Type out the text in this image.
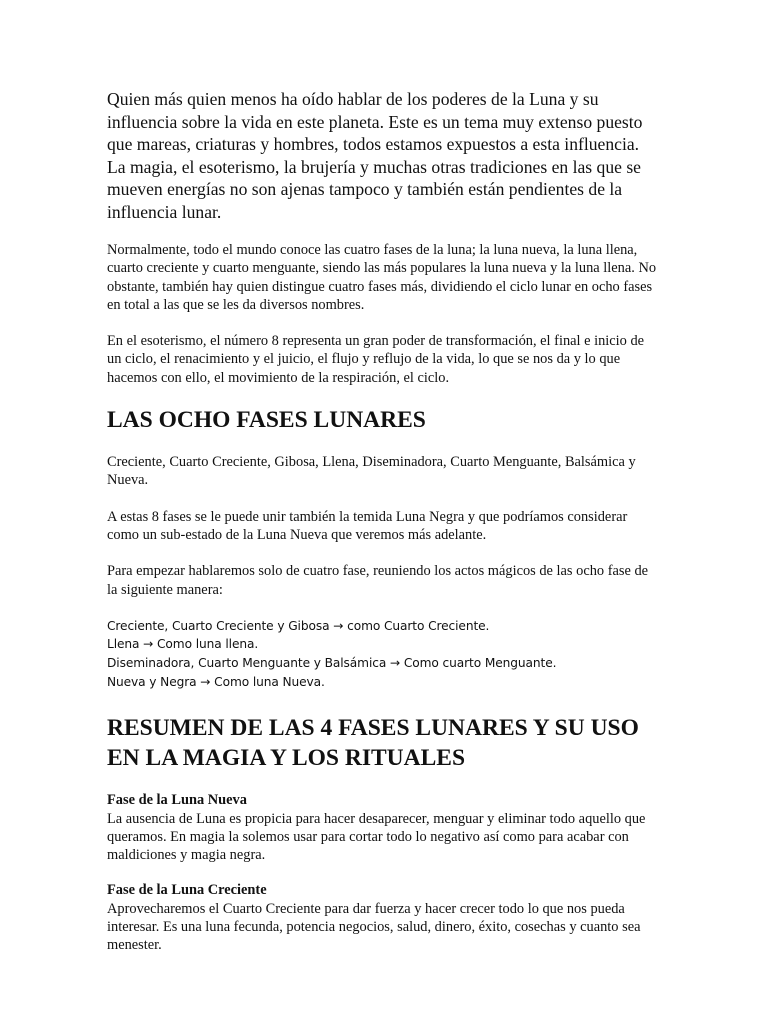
Quien más quien menos ha oído hablar de los poderes de la Luna y su influencia sobre la vida en este planeta. Este es un tema muy extenso puesto que mareas, criaturas y hombres, todos estamos expuestos a esta influencia. La magia, el esoterismo, la brujería y muchas otras tradiciones en las que se mueven energías no son ajenas tampoco y también están pendientes de la influencia lunar.

Normalmente, todo el mundo conoce las cuatro fases de la luna; la luna nueva, la luna llena, cuarto creciente y cuarto menguante, siendo las más populares la luna nueva y la luna llena. No obstante, también hay quien distingue cuatro fases más, dividiendo el ciclo lunar en ocho fases en total a las que se les da diversos nombres.

En el esoterismo, el número 8 representa un gran poder de transformación, el final e inicio de un ciclo, el renacimiento y el juicio, el flujo y reflujo de la vida, lo que se nos da y lo que hacemos con ello, el movimiento de la respiración, el ciclo.

LAS OCHO FASES LUNARES

Creciente, Cuarto Creciente, Gibosa, Llena, Diseminadora, Cuarto Menguante, Balsámica y Nueva.

A estas 8 fases se le puede unir también la temida Luna Negra y que podríamos considerar como un sub-estado de la Luna Nueva que veremos más adelante.

Para empezar hablaremos solo de cuatro fase, reuniendo los actos mágicos de las ocho fase de la siguiente manera:

Creciente, Cuarto Creciente y Gibosa → como Cuarto Creciente.
Llena → Como luna llena.
Diseminadora, Cuarto Menguante y Balsámica → Como cuarto Menguante.
Nueva y Negra → Como luna Nueva.
RESUMEN DE LAS 4 FASES LUNARES Y SU USO EN LA MAGIA Y LOS RITUALES
Fase de la Luna Nueva
La ausencia de Luna es propicia para hacer desaparecer, menguar y eliminar todo aquello que queramos. En magia la solemos usar para cortar todo lo negativo así como para acabar con maldiciones y magia negra.
Fase de la Luna Creciente
Aprovecharemos el Cuarto Creciente para dar fuerza y hacer crecer todo lo que nos pueda interesar. Es una luna fecunda, potencia negocios, salud, dinero, éxito, cosechas y cuanto sea menester.
